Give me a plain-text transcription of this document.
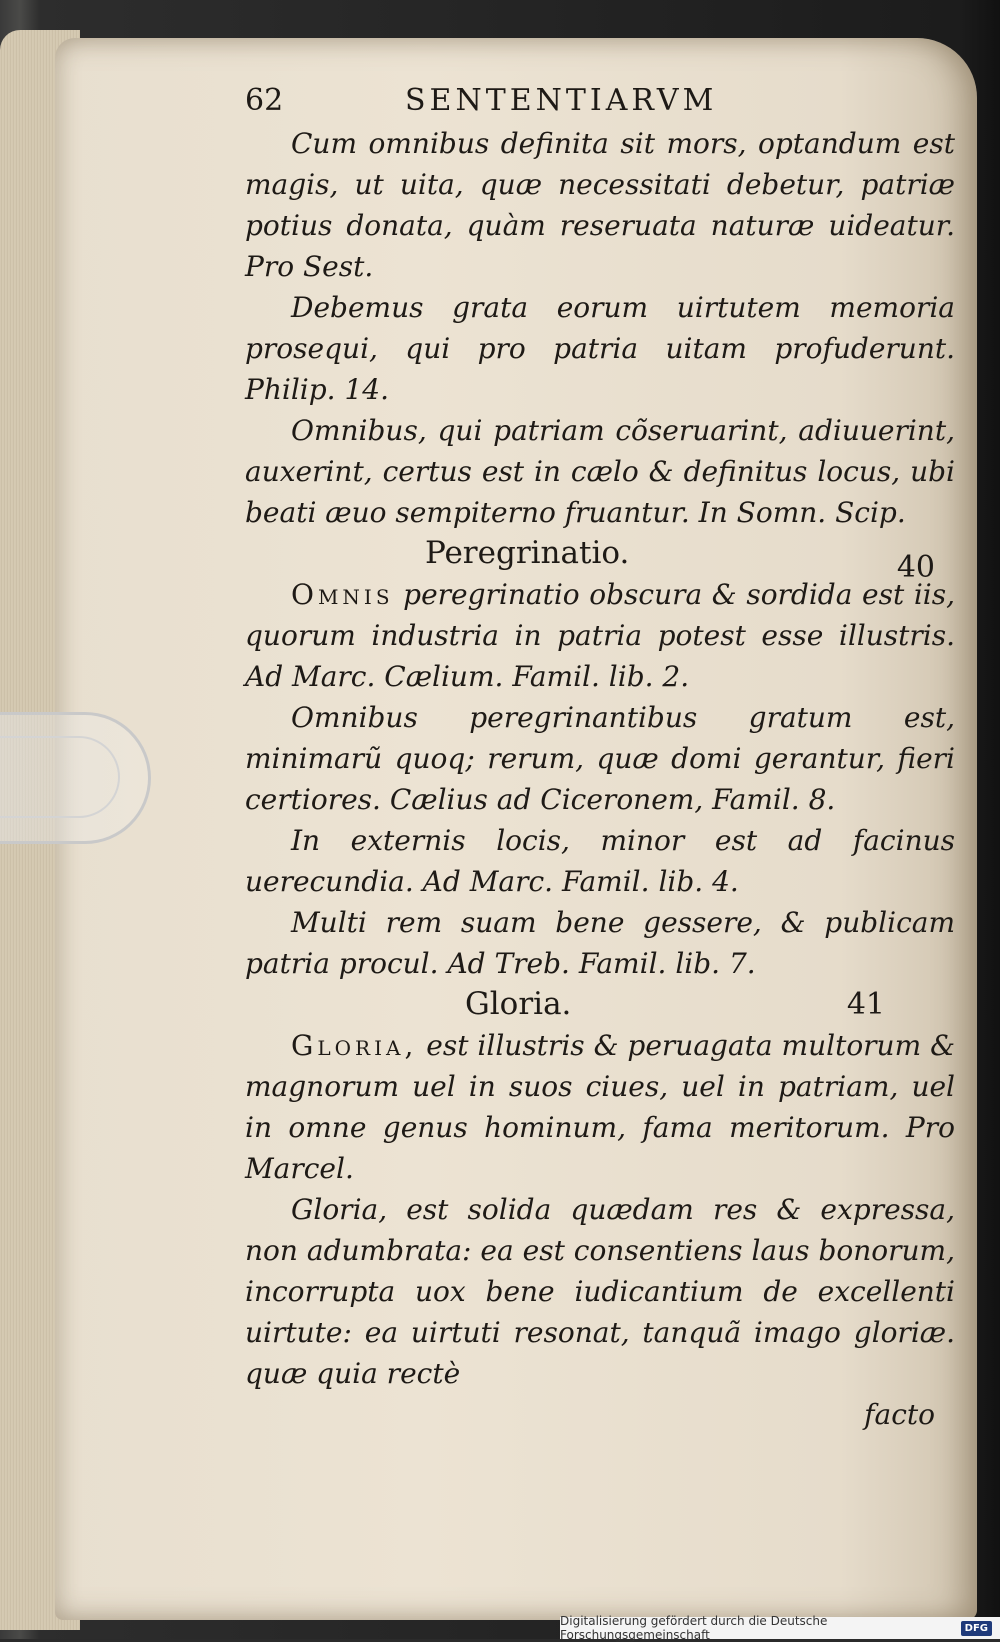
62	SENTENTIARVM

Cum omnibus definita sit mors, optandum est magis, ut uita, quæ necessitati debetur, patriæ potius donata, quàm reseruata naturæ uideatur. Pro Sest.

Debemus grata eorum uirtutem memoria prosequi, qui pro patria uitam profuderunt. Philip. 14.

Omnibus, qui patriam cõseruarint, adiuuerint, auxerint, certus est in cælo & definitus locus, ubi beati æuo sempiterno fruantur. In Somn. Scip.

Peregrinatio.	40

Omnis peregrinatio obscura & sordida est iis, quorum industria in patria potest esse illustris. Ad Marc. Cælium. Famil. lib. 2.

Omnibus peregrinantibus gratum est, minimarũ quoq; rerum, quæ domi gerantur, fieri certiores. Cælius ad Ciceronem, Famil. 8.

In externis locis, minor est ad facinus uerecundia. Ad Marc. Famil. lib. 4.

Multi rem suam bene gessere, & publicam patria procul. Ad Treb. Famil. lib. 7.

Gloria.	41

Gloria, est illustris & peruagata multorum & magnorum uel in suos ciues, uel in patriam, uel in omne genus hominum, fama meritorum. Pro Marcel.

Gloria, est solida quædam res & expressa, non adumbrata: ea est consentiens laus bonorum, incorrupta uox bene iudicantium de excellenti uirtute: ea uirtuti resonat, tanquã imago gloriæ. quæ quia rectè

facto
Digitalisierung gefördert durch die Deutsche Forschungsgemeinschaft	DFG
